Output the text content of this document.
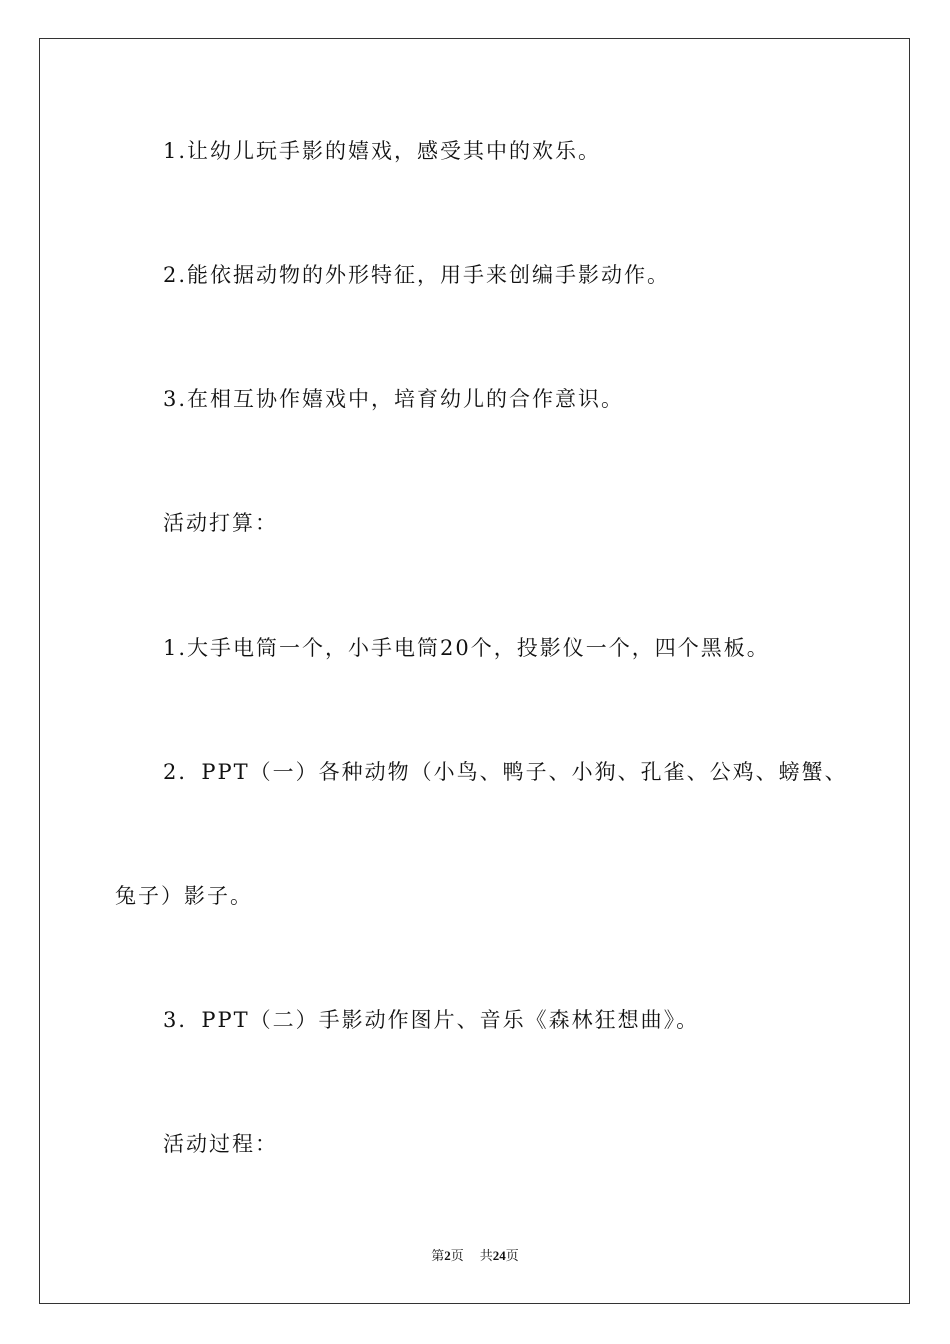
1.让幼儿玩手影的嬉戏，感受其中的欢乐。
2.能依据动物的外形特征，用手来创编手影动作。
3.在相互协作嬉戏中，培育幼儿的合作意识。
活动打算：
1.大手电筒一个，小手电筒20个，投影仪一个，四个黑板。
2．PPT（一）各种动物（小鸟、鸭子、小狗、孔雀、公鸡、螃蟹、
兔子）影子。
3．PPT（二）手影动作图片、音乐《森林狂想曲》。
活动过程：
第2页 共24页
